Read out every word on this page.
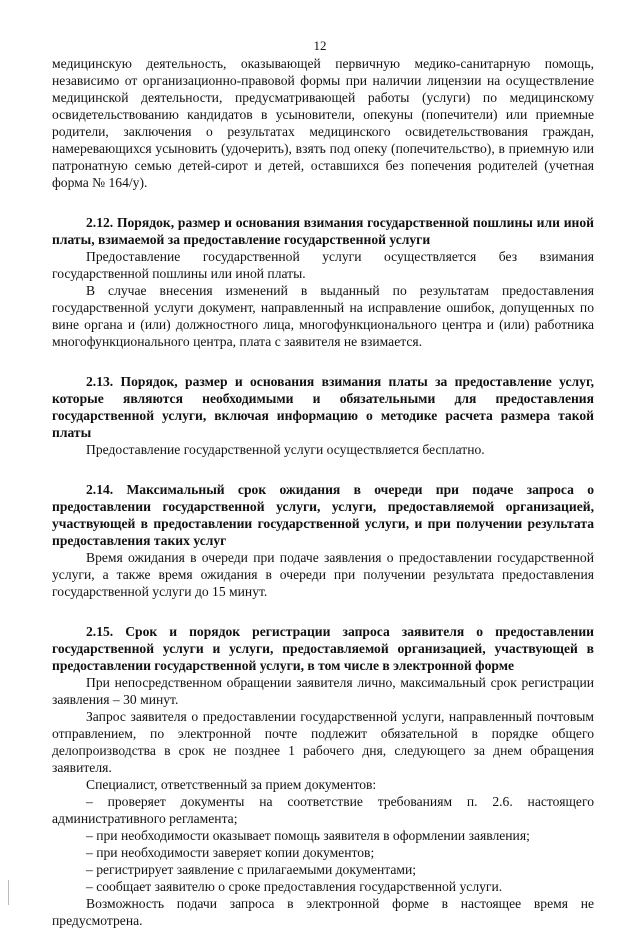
12

медицинскую деятельность, оказывающей первичную медико-санитарную помощь, независимо от организационно-правовой формы при наличии лицензии на осуществление медицинской деятельности, предусматривающей работы (услуги) по медицинскому освидетельствованию кандидатов в усыновители, опекуны (попечители) или приемные родители, заключения о результатах медицинского освидетельствования граждан, намеревающихся усыновить (удочерить), взять под опеку (попечительство), в приемную или патронатную семью детей-сирот и детей, оставшихся без попечения родителей (учетная форма № 164/у).

2.12. Порядок, размер и основания взимания государственной пошлины или иной платы, взимаемой за предоставление государственной услуги

Предоставление государственной услуги осуществляется без взимания государственной пошлины или иной платы.

В случае внесения изменений в выданный по результатам предоставления государственной услуги документ, направленный на исправление ошибок, допущенных по вине органа и (или) должностного лица, многофункционального центра и (или) работника многофункционального центра, плата с заявителя не взимается.

2.13. Порядок, размер и основания взимания платы за предоставление услуг, которые являются необходимыми и обязательными для предоставления государственной услуги, включая информацию о методике расчета размера такой платы

Предоставление государственной услуги осуществляется бесплатно.

2.14. Максимальный срок ожидания в очереди при подаче запроса о предоставлении государственной услуги, услуги, предоставляемой организацией, участвующей в предоставлении государственной услуги, и при получении результата предоставления таких услуг

Время ожидания в очереди при подаче заявления о предоставлении государственной услуги, а также время ожидания в очереди при получении результата предоставления государственной услуги до 15 минут.

2.15. Срок и порядок регистрации запроса заявителя о предоставлении государственной услуги и услуги, предоставляемой организацией, участвующей в предоставлении государственной услуги, в том числе в электронной форме

При непосредственном обращении заявителя лично, максимальный срок регистрации заявления – 30 минут.

Запрос заявителя о предоставлении государственной услуги, направленный почтовым отправлением, по электронной почте подлежит обязательной в порядке общего делопроизводства в срок не позднее 1 рабочего дня, следующего за днем обращения заявителя.

Специалист, ответственный за прием документов:

– проверяет документы на соответствие требованиям п. 2.6. настоящего административного регламента;

– при необходимости оказывает помощь заявителя в оформлении заявления;

– при необходимости заверяет копии документов;

– регистрирует заявление с прилагаемыми документами;

– сообщает заявителю о сроке предоставления государственной услуги.

Возможность подачи запроса в электронной форме в настоящее время не предусмотрена.
